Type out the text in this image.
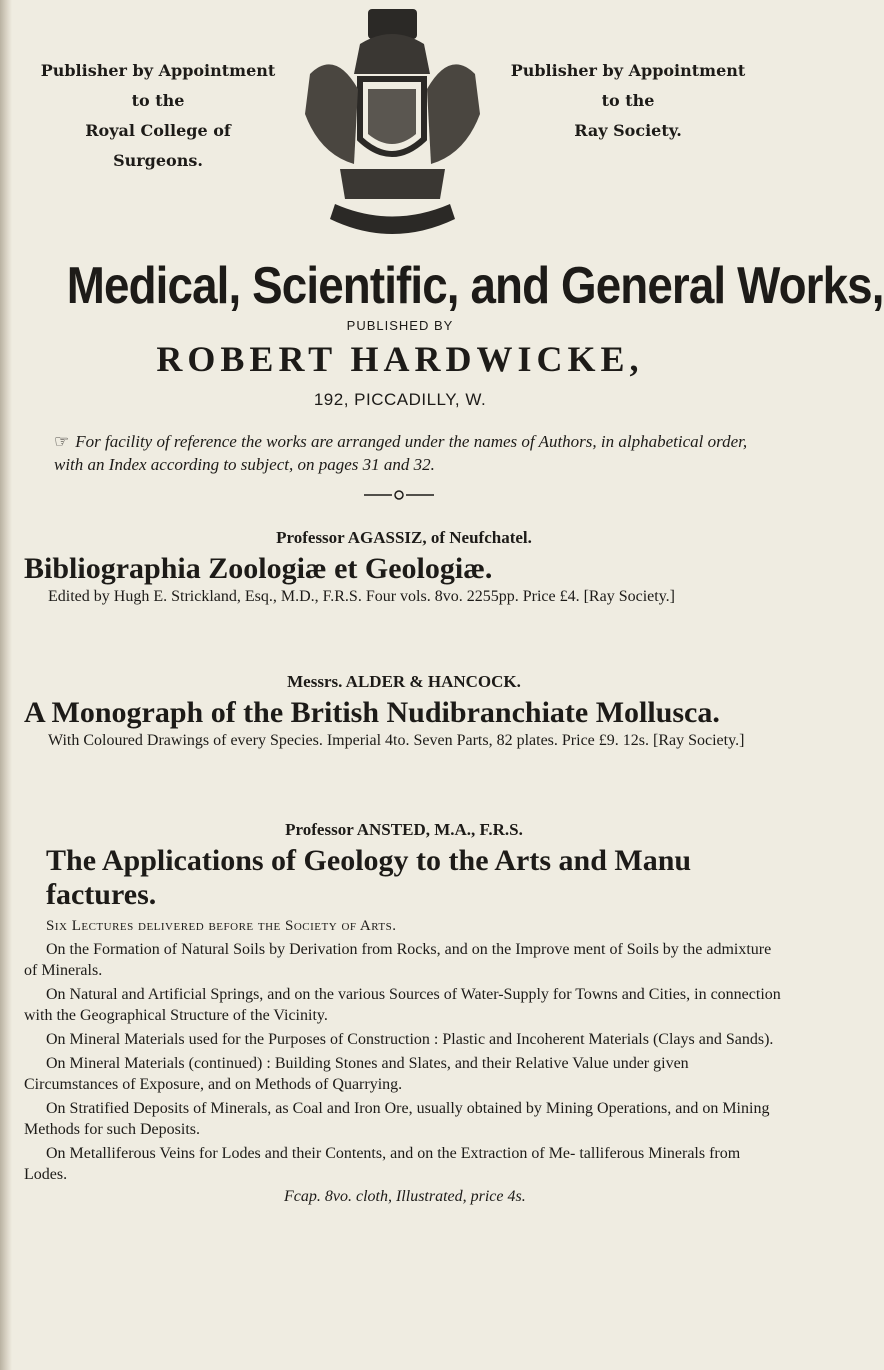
Publisher by Appointment
to the
Royal College of Surgeons.
Publisher by Appointment
to the
Ray Society.
Medical, Scientific, and General Works,
PUBLISHED BY
ROBERT HARDWICKE,
192, PICCADILLY, W.
☞ For facility of reference the works are arranged under the names of Authors, in alphabetical order, with an Index according to subject, on pages 31 and 32.
Professor AGASSIZ, of Neufchatel.
Bibliographia Zoologiæ et Geologiæ.
Edited by Hugh E. Strickland, Esq., M.D., F.R.S. Four vols. 8vo. 2255pp. Price £4. [Ray Society.]
Messrs. ALDER & HANCOCK.
A Monograph of the British Nudibranchiate Mollusca.
With Coloured Drawings of every Species. Imperial 4to. Seven Parts, 82 plates. Price £9. 12s. [Ray Society.]
Professor ANSTED, M.A., F.R.S.
The Applications of Geology to the Arts and Manu factures.
Six Lectures delivered before the Society of Arts.
On the Formation of Natural Soils by Derivation from Rocks, and on the Improve ment of Soils by the admixture of Minerals.
On Natural and Artificial Springs, and on the various Sources of Water-Supply for Towns and Cities, in connection with the Geographical Structure of the Vicinity.
On Mineral Materials used for the Purposes of Construction : Plastic and Incoherent Materials (Clays and Sands).
On Mineral Materials (continued) : Building Stones and Slates, and their Relative Value under given Circumstances of Exposure, and on Methods of Quarrying.
On Stratified Deposits of Minerals, as Coal and Iron Ore, usually obtained by Mining Operations, and on Mining Methods for such Deposits.
On Metalliferous Veins for Lodes and their Contents, and on the Extraction of Me- talliferous Minerals from Lodes.
Fcap. 8vo. cloth, Illustrated, price 4s.
